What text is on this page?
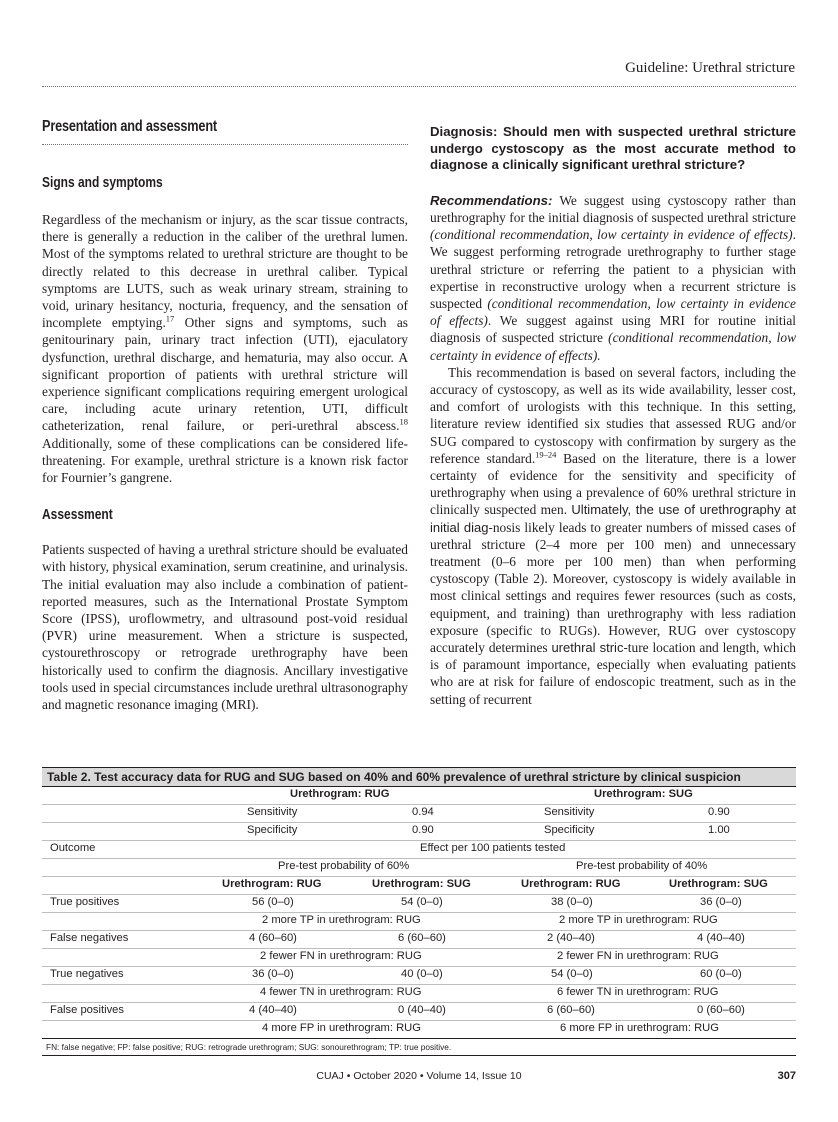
Guideline: Urethral stricture
Presentation and assessment
Signs and symptoms

Regardless of the mechanism or injury, as the scar tissue contracts, there is generally a reduction in the caliber of the urethral lumen. Most of the symptoms related to urethral stricture are thought to be directly related to this decrease in urethral caliber. Typical symptoms are LUTS, such as weak urinary stream, straining to void, urinary hesitancy, nocturia, frequency, and the sensation of incomplete emptying.$^{17}$ Other signs and symptoms, such as genitourinary pain, urinary tract infection (UTI), ejaculatory dysfunction, urethral discharge, and hematuria, may also occur. A significant proportion of patients with urethral stricture will experience significant complications requiring emergent urological care, including acute urinary retention, UTI, difficult catheterization, renal failure, or peri-urethral abscess.$^{18}$ Additionally, some of these complications can be considered life-threatening. For example, urethral stricture is a known risk factor for Fournier’s gangrene.

Assessment

Patients suspected of having a urethral stricture should be evaluated with history, physical examination, serum creatinine, and urinalysis. The initial evaluation may also include a combination of patient-reported measures, such as the International Prostate Symptom Score (IPSS), uroflowmetry, and ultrasound post-void residual (PVR) urine measurement. When a stricture is suspected, cystourethroscopy or retrograde urethrography have been historically used to confirm the diagnosis. Ancillary investigative tools used in special circumstances include urethral ultrasonography and magnetic resonance imaging (MRI).

Diagnosis: Should men with suspected urethral stricture undergo cystoscopy as the most accurate method to diagnose a clinically significant urethral stricture?

Recommendations: We suggest using cystoscopy rather than urethrography for the initial diagnosis of suspected urethral stricture (conditional recommendation, low certainty in evidence of effects). We suggest performing retrograde urethrography to further stage urethral stricture or referring the patient to a physician with expertise in reconstructive urology when a recurrent stricture is suspected (conditional recommendation, low certainty in evidence of effects). We suggest against using MRI for routine initial diagnosis of suspected stricture (conditional recommendation, low certainty in evidence of effects).

This recommendation is based on several factors, including the accuracy of cystoscopy, as well as its wide availability, lesser cost, and comfort of urologists with this technique. In this setting, literature review identified six studies that assessed RUG and/or SUG compared to cystoscopy with confirmation by surgery as the reference standard.$^{19-24}$ Based on the literature, there is a lower certainty of evidence for the sensitivity and specificity of urethrography when using a prevalence of 60% urethral stricture in clinically suspected men. Ultimately, the use of urethrography at initial diag-nosis likely leads to greater numbers of missed cases of urethral stricture (2–4 more per 100 men) and unnecessary treatment (0–6 more per 100 men) than when performing cystoscopy (Table 2). Moreover, cystoscopy is widely available in most clinical settings and requires fewer resources (such as costs, equipment, and training) than urethrography with less radiation exposure (specific to RUGs). However, RUG over cystoscopy accurately determines urethral stric-ture location and length, which is of paramount importance, especially when evaluating patients who are at risk for failure of endoscopic treatment, such as in the setting of recurrent

Table 2. Test accuracy data for RUG and SUG based on 40% and 60% prevalence of urethral stricture by clinical suspicion
Urethrogram: RUG	Urethrogram: SUG
Sensitivity	0.94	Sensitivity	0.90
Specificity	0.90	Specificity	1.00
Outcome	Effect per 100 patients tested
Pre-test probability of 60%	Pre-test probability of 40%
Urethrogram: RUG	Urethrogram: SUG	Urethrogram: RUG	Urethrogram: SUG
True positives	56 (0–0)	54 (0–0)	38 (0–0)	36 (0–0)
2 more TP in urethrogram: RUG	2 more TP in urethrogram: RUG
False negatives	4 (60–60)	6 (60–60)	2 (40–40)	4 (40–40)
2 fewer FN in urethrogram: RUG	2 fewer FN in urethrogram: RUG
True negatives	36 (0–0)	40 (0–0)	54 (0–0)	60 (0–0)
4 fewer TN in urethrogram: RUG	6 fewer TN in urethrogram: RUG
False positives	4 (40–40)	0 (40–40)	6 (60–60)	0 (60–60)
4 more FP in urethrogram: RUG	6 more FP in urethrogram: RUG
FN: false negative; FP: false positive; RUG: retrograde urethrogram; SUG: sonourethrogram; TP: true positive.
CUAJ • October 2020 • Volume 14, Issue 10	307
